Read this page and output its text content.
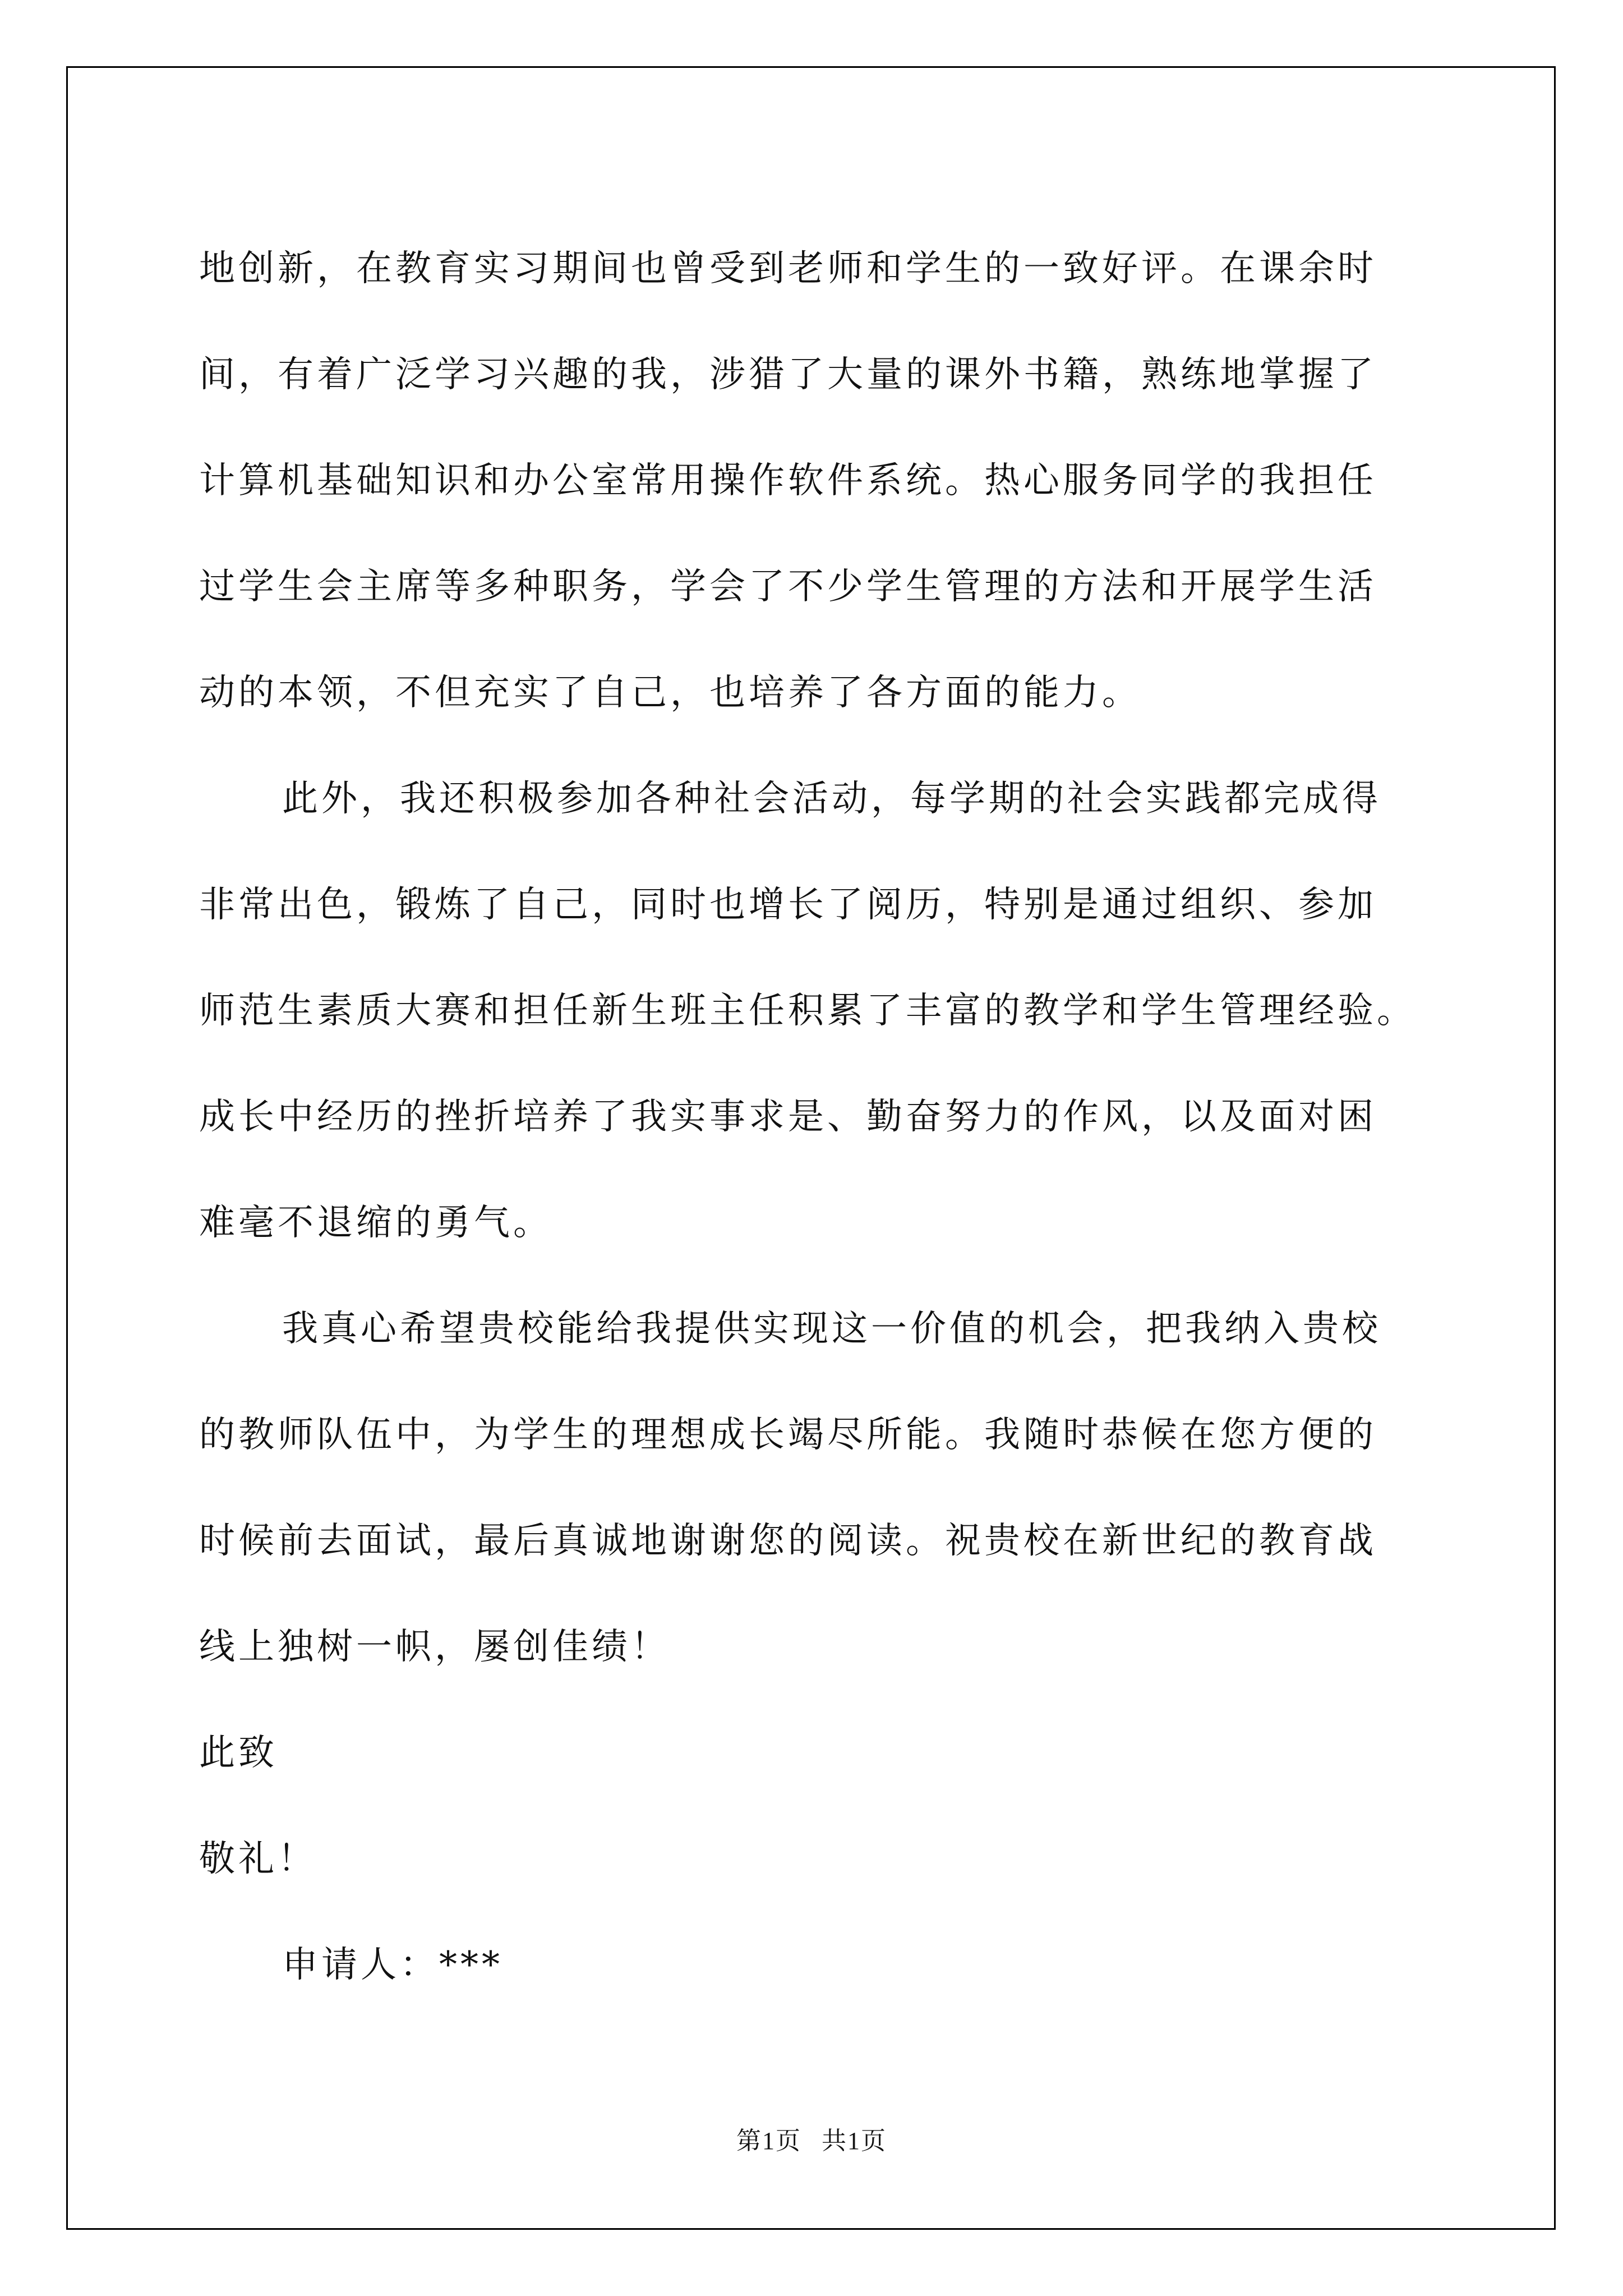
地创新，在教育实习期间也曾受到老师和学生的一致好评。在课余时
间，有着广泛学习兴趣的我，涉猎了大量的课外书籍，熟练地掌握了
计算机基础知识和办公室常用操作软件系统。热心服务同学的我担任
过学生会主席等多种职务，学会了不少学生管理的方法和开展学生活
动的本领，不但充实了自己，也培养了各方面的能力。
此外，我还积极参加各种社会活动，每学期的社会实践都完成得
非常出色，锻炼了自己，同时也增长了阅历，特别是通过组织、参加
师范生素质大赛和担任新生班主任积累了丰富的教学和学生管理经验。
成长中经历的挫折培养了我实事求是、勤奋努力的作风，以及面对困
难毫不退缩的勇气。
我真心希望贵校能给我提供实现这一价值的机会，把我纳入贵校
的教师队伍中，为学生的理想成长竭尽所能。我随时恭候在您方便的
时候前去面试，最后真诚地谢谢您的阅读。祝贵校在新世纪的教育战
线上独树一帜，屡创佳绩！
此致
敬礼！
申请人：***
第1页 共1页
